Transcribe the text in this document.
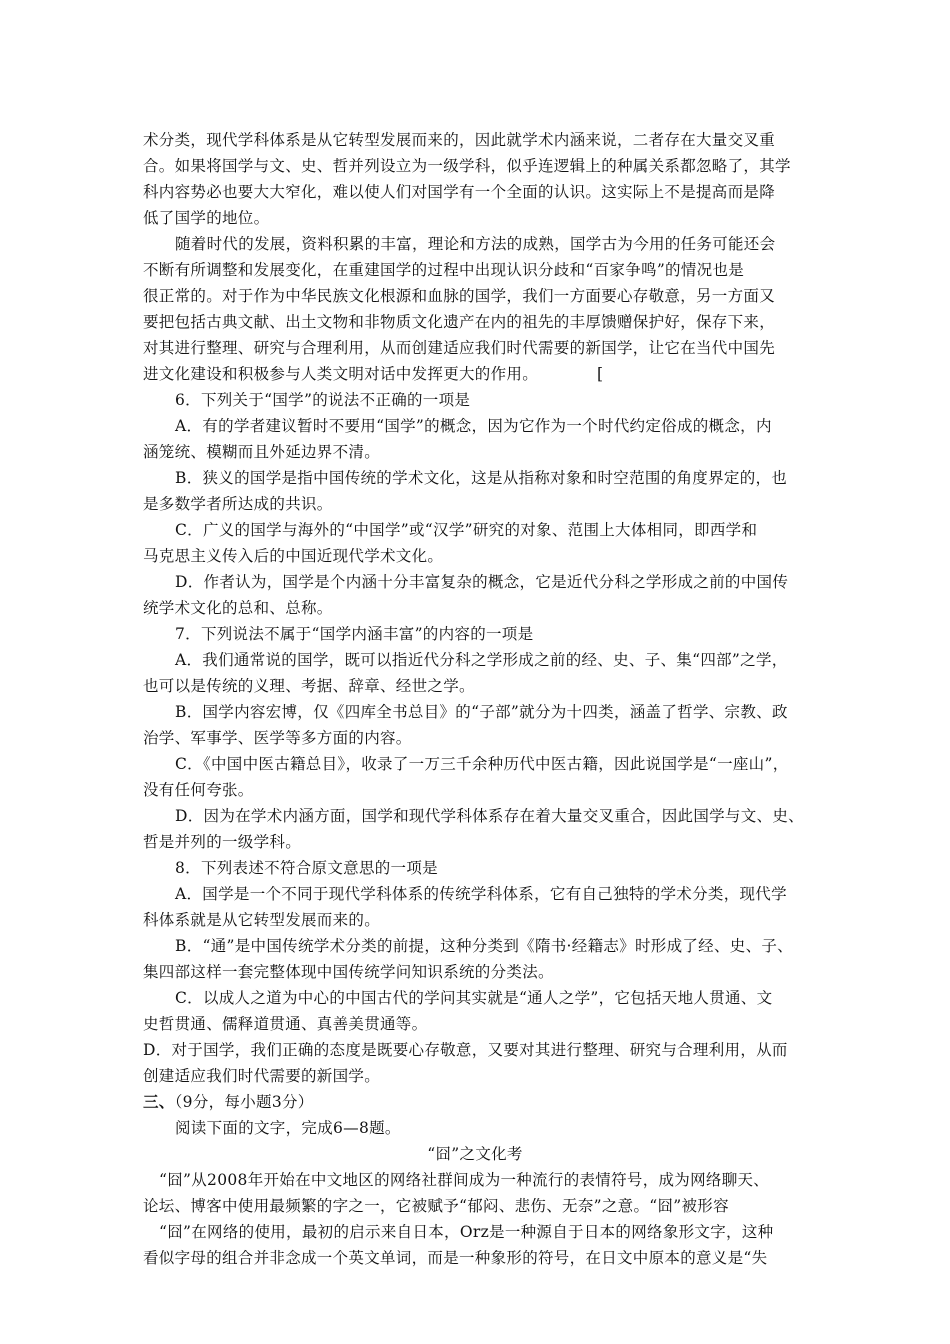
术分类，现代学科体系是从它转型发展而来的，因此就学术内涵来说，二者存在大量交叉重
合。如果将国学与文、史、哲并列设立为一级学科，似乎连逻辑上的种属关系都忽略了，其学
科内容势必也要大大窄化，难以使人们对国学有一个全面的认识。这实际上不是提高而是降
低了国学的地位。
随着时代的发展，资料积累的丰富，理论和方法的成熟，国学古为今用的任务可能还会
不断有所调整和发展变化，在重建国学的过程中出现认识分歧和“百家争鸣”的情况也是
很正常的。对于作为中华民族文化根源和血脉的国学，我们一方面要心存敬意，另一方面又
要把包括古典文献、出土文物和非物质文化遗产在内的祖先的丰厚馈赠保护好，保存下来，
对其进行整理、研究与合理利用，从而创建适应我们时代需要的新国学，让它在当代中国先
进文化建设和积极参与人类文明对话中发挥更大的作用。	[
6．下列关于“国学”的说法不正确的一项是
A．有的学者建议暂时不要用“国学”的概念，因为它作为一个时代约定俗成的概念，内
涵笼统、模糊而且外延边界不清。
B．狭义的国学是指中国传统的学术文化，这是从指称对象和时空范围的角度界定的，也
是多数学者所达成的共识。
C．广义的国学与海外的“中国学”或“汉学”研究的对象、范围上大体相同，即西学和
马克思主义传入后的中国近现代学术文化。
D．作者认为，国学是个内涵十分丰富复杂的概念，它是近代分科之学形成之前的中国传
统学术文化的总和、总称。
7．下列说法不属于“国学内涵丰富”的内容的一项是
A．我们通常说的国学，既可以指近代分科之学形成之前的经、史、子、集“四部”之学，
也可以是传统的义理、考据、辞章、经世之学。
B．国学内容宏博，仅《四库全书总目》的“子部”就分为十四类，涵盖了哲学、宗教、政
治学、军事学、医学等多方面的内容。
C．《中国中医古籍总目》，收录了一万三千余种历代中医古籍，因此说国学是“一座山”，
没有任何夸张。
D．因为在学术内涵方面，国学和现代学科体系存在着大量交叉重合，因此国学与文、史、
哲是并列的一级学科。
8．下列表述不符合原文意思的一项是
A．国学是一个不同于现代学科体系的传统学科体系，它有自己独特的学术分类，现代学
科体系就是从它转型发展而来的。
B．“通”是中国传统学术分类的前提，这种分类到《隋书·经籍志》时形成了经、史、子、
集四部这样一套完整体现中国传统学问知识系统的分类法。
C．以成人之道为中心的中国古代的学问其实就是“通人之学”，它包括天地人贯通、文
史哲贯通、儒释道贯通、真善美贯通等。
D．对于国学，我们正确的态度是既要心存敬意，又要对其进行整理、研究与合理利用，从而
创建适应我们时代需要的新国学。
三、（9分，每小题3分）
阅读下面的文字，完成6—8题。
“囧”之文化考
“囧”从2008年开始在中文地区的网络社群间成为一种流行的表情符号，成为网络聊天、
论坛、博客中使用最频繁的字之一，它被赋予“郁闷、悲伤、无奈”之意。“囧”被形容
“囧”在网络的使用，最初的启示来自日本，Orz是一种源自于日本的网络象形文字，这种
看似字母的组合并非念成一个英文单词，而是一种象形的符号，在日文中原本的意义是“失
